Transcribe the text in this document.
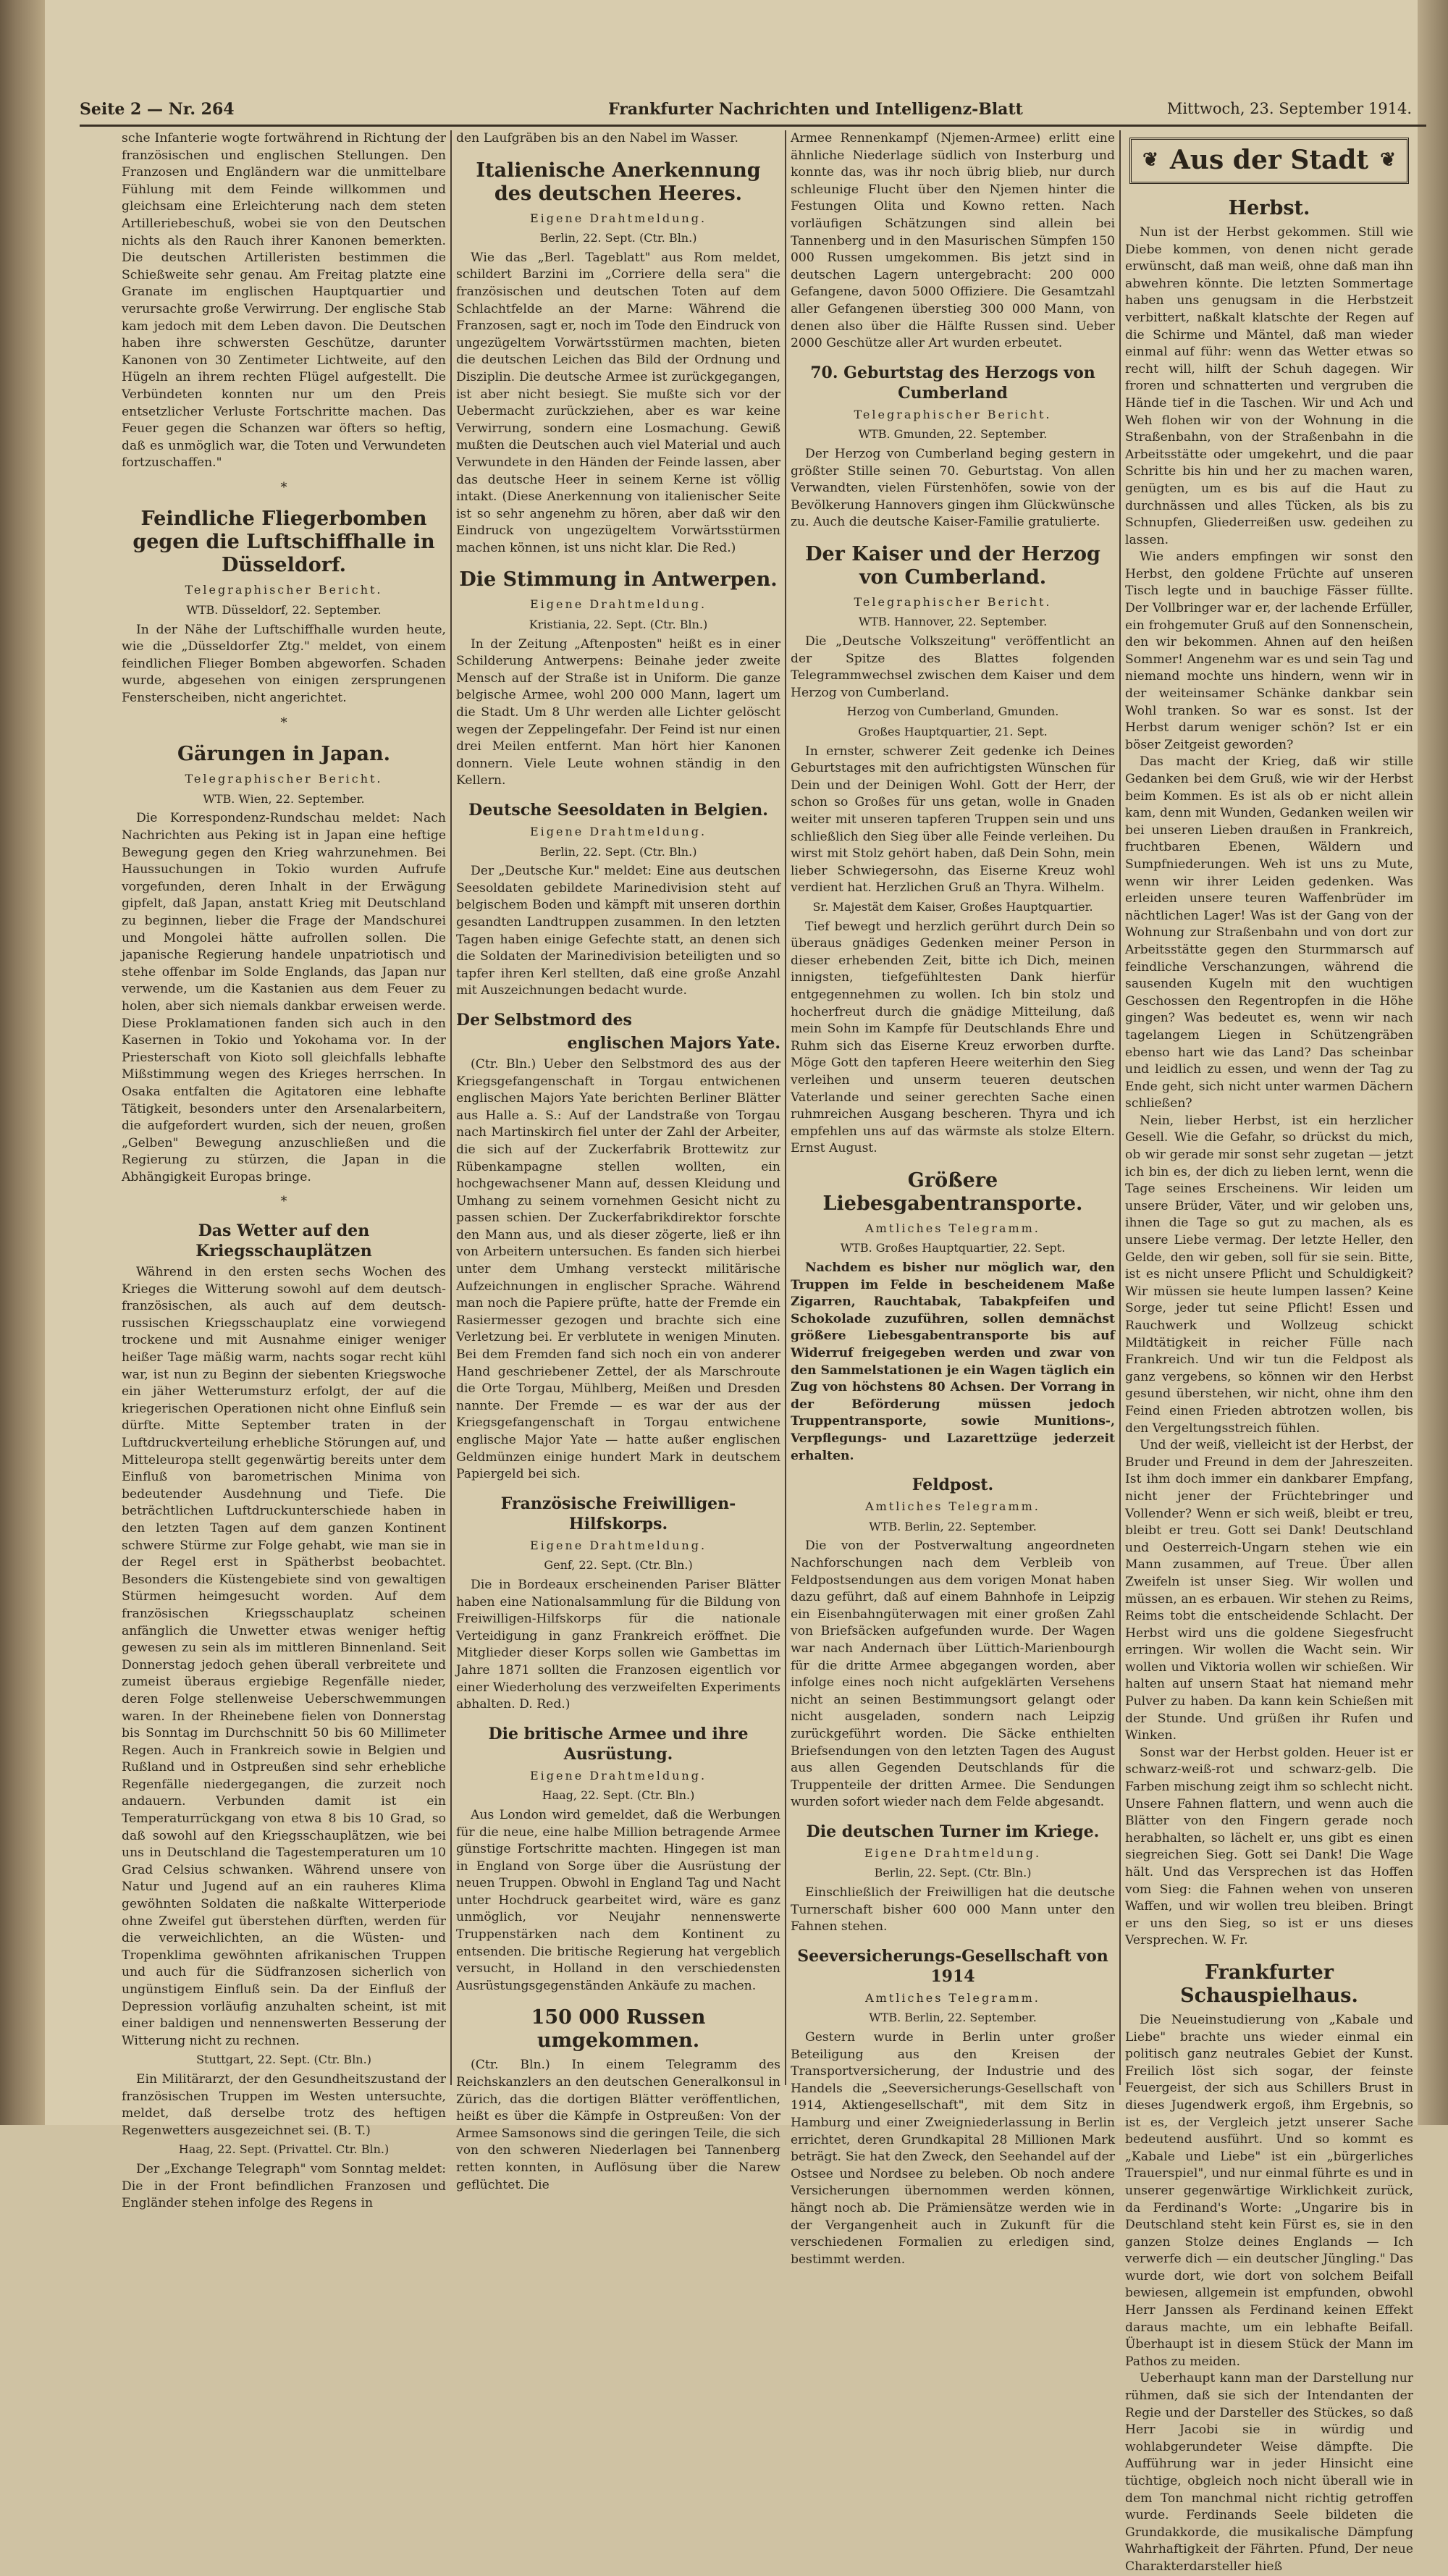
Seite 2 — Nr. 264	Frankfurter Nachrichten und Intelligenz-Blatt	Mittwoch, 23. September 1914.

sche Infanterie wogte fortwährend in Richtung der französischen und englischen Stellungen. Den Franzosen und Engländern war die unmittelbare Fühlung mit dem Feinde willkommen und gleichsam eine Erleichterung nach dem steten Artilleriebeschuß, wobei sie von den Deutschen nichts als den Rauch ihrer Kanonen bemerkten. Die deutschen Artilleristen bestimmen die Schießweite sehr genau. Am Freitag platzte eine Granate im englischen Hauptquartier und verursachte große Verwirrung. Der englische Stab kam jedoch mit dem Leben davon. Die Deutschen haben ihre schwersten Geschütze, darunter Kanonen von 30 Zentimeter Lichtweite, auf den Hügeln an ihrem rechten Flügel aufgestellt. Die Verbündeten konnten nur um den Preis entsetzlicher Verluste Fortschritte machen. Das Feuer gegen die Schanzen war öfters so heftig, daß es unmöglich war, die Toten und Verwundeten fortzuschaffen."

*
Feindliche Fliegerbomben gegen die Luftschiffhalle in Düsseldorf.
Telegraphischer Bericht.
WTB. Düsseldorf, 22. September.

In der Nähe der Luftschiffhalle wurden heute, wie die „Düsseldorfer Ztg." meldet, von einem feindlichen Flieger Bomben abgeworfen. Schaden wurde, abgesehen von einigen zersprungenen Fensterscheiben, nicht angerichtet.

*
Gärungen in Japan.
Telegraphischer Bericht.
WTB. Wien, 22. September.

Die Korrespondenz-Rundschau meldet: Nach Nachrichten aus Peking ist in Japan eine heftige Bewegung gegen den Krieg wahrzunehmen. Bei Haussuchungen in Tokio wurden Aufrufe vorgefunden, deren Inhalt in der Erwägung gipfelt, daß Japan, anstatt Krieg mit Deutschland zu beginnen, lieber die Frage der Mandschurei und Mongolei hätte aufrollen sollen. Die japanische Regierung handele unpatriotisch und stehe offenbar im Solde Englands, das Japan nur verwende, um die Kastanien aus dem Feuer zu holen, aber sich niemals dankbar erweisen werde. Diese Proklamationen fanden sich auch in den Kasernen in Tokio und Yokohama vor. In der Priesterschaft von Kioto soll gleichfalls lebhafte Mißstimmung wegen des Krieges herrschen. In Osaka entfalten die Agitatoren eine lebhafte Tätigkeit, besonders unter den Arsenalarbeitern, die aufgefordert wurden, sich der neuen, großen „Gelben" Bewegung anzuschließen und die Regierung zu stürzen, die Japan in die Abhängigkeit Europas bringe.

*
Das Wetter auf den Kriegsschauplätzen

Während in den ersten sechs Wochen des Krieges die Witterung sowohl auf dem deutsch-französischen, als auch auf dem deutsch-russischen Kriegsschauplatz eine vorwiegend trockene und mit Ausnahme einiger weniger heißer Tage mäßig warm, nachts sogar recht kühl war, ist nun zu Beginn der siebenten Kriegswoche ein jäher Wetterumsturz erfolgt, der auf die kriegerischen Operationen nicht ohne Einfluß sein dürfte. Mitte September traten in der Luftdruckverteilung erhebliche Störungen auf, und Mitteleuropa stellt gegenwärtig bereits unter dem Einfluß von barometrischen Minima von bedeutender Ausdehnung und Tiefe. Die beträchtlichen Luftdruckunterschiede haben in den letzten Tagen auf dem ganzen Kontinent schwere Stürme zur Folge gehabt, wie man sie in der Regel erst in Spätherbst beobachtet. Besonders die Küstengebiete sind von gewaltigen Stürmen heimgesucht worden. Auf dem französischen Kriegsschauplatz scheinen anfänglich die Unwetter etwas weniger heftig gewesen zu sein als im mittleren Binnenland. Seit Donnerstag jedoch gehen überall verbreitete und zumeist überaus ergiebige Regenfälle nieder, deren Folge stellenweise Ueberschwemmungen waren. In der Rheinebene fielen von Donnerstag bis Sonntag im Durchschnitt 50 bis 60 Millimeter Regen. Auch in Frankreich sowie in Belgien und Rußland und in Ostpreußen sind sehr erhebliche Regenfälle niedergegangen, die zurzeit noch andauern. Verbunden damit ist ein Temperaturrückgang von etwa 8 bis 10 Grad, so daß sowohl auf den Kriegsschauplätzen, wie bei uns in Deutschland die Tagestemperaturen um 10 Grad Celsius schwanken. Während unsere von Natur und Jugend auf an ein rauheres Klima gewöhnten Soldaten die naßkalte Witterperiode ohne Zweifel gut überstehen dürften, werden für die verweichlichten, an die Wüsten- und Tropenklima gewöhnten afrikanischen Truppen und auch für die Südfranzosen sicherlich von ungünstigem Einfluß sein. Da der Einfluß der Depression vorläufig anzuhalten scheint, ist mit einer baldigen und nennenswerten Besserung der Witterung nicht zu rechnen.

Stuttgart, 22. Sept. (Ctr. Bln.)

Ein Militärarzt, der den Gesundheitszustand der französischen Truppen im Westen untersuchte, meldet, daß derselbe trotz des heftigen Regenwetters ausgezeichnet sei. (B. T.)

Haag, 22. Sept. (Privattel. Ctr. Bln.)

Der „Exchange Telegraph" vom Sonntag meldet: Die in der Front befindlichen Franzosen und Engländer stehen infolge des Regens in

den Laufgräben bis an den Nabel im Wasser.

Italienische Anerkennung des deutschen Heeres.
Eigene Drahtmeldung.
Berlin, 22. Sept. (Ctr. Bln.)

Wie das „Berl. Tageblatt" aus Rom meldet, schildert Barzini im „Corriere della sera" die französischen und deutschen Toten auf dem Schlachtfelde an der Marne: Während die Franzosen, sagt er, noch im Tode den Eindruck von ungezügeltem Vorwärtsstürmen machten, bieten die deutschen Leichen das Bild der Ordnung und Disziplin. Die deutsche Armee ist zurückgegangen, ist aber nicht besiegt. Sie mußte sich vor der Uebermacht zurückziehen, aber es war keine Verwirrung, sondern eine Losmachung. Gewiß mußten die Deutschen auch viel Material und auch Verwundete in den Händen der Feinde lassen, aber das deutsche Heer in seinem Kerne ist völlig intakt. (Diese Anerkennung von italienischer Seite ist so sehr angenehm zu hören, aber daß wir den Eindruck von ungezügeltem Vorwärtsstürmen machen können, ist uns nicht klar. Die Red.)

Die Stimmung in Antwerpen.
Eigene Drahtmeldung.
Kristiania, 22. Sept. (Ctr. Bln.)

In der Zeitung „Aftenposten" heißt es in einer Schilderung Antwerpens: Beinahe jeder zweite Mensch auf der Straße ist in Uniform. Die ganze belgische Armee, wohl 200 000 Mann, lagert um die Stadt. Um 8 Uhr werden alle Lichter gelöscht wegen der Zeppelingefahr. Der Feind ist nur einen drei Meilen entfernt. Man hört hier Kanonen donnern. Viele Leute wohnen ständig in den Kellern.

Deutsche Seesoldaten in Belgien.
Eigene Drahtmeldung.
Berlin, 22. Sept. (Ctr. Bln.)

Der „Deutsche Kur." meldet: Eine aus deutschen Seesoldaten gebildete Marinedivision steht auf belgischem Boden und kämpft mit unseren dorthin gesandten Landtruppen zusammen. In den letzten Tagen haben einige Gefechte statt, an denen sich die Soldaten der Marinedivision beteiligten und so tapfer ihren Kerl stellten, daß eine große Anzahl mit Auszeichnungen bedacht wurde.

Der Selbstmord des
englischen Majors Yate.

(Ctr. Bln.) Ueber den Selbstmord des aus der Kriegsgefangenschaft in Torgau entwichenen englischen Majors Yate berichten Berliner Blätter aus Halle a. S.: Auf der Landstraße von Torgau nach Martinskirch fiel unter der Zahl der Arbeiter, die sich auf der Zuckerfabrik Brottewitz zur Rübenkampagne stellen wollten, ein hochgewachsener Mann auf, dessen Kleidung und Umhang zu seinem vornehmen Gesicht nicht zu passen schien. Der Zuckerfabrikdirektor forschte den Mann aus, und als dieser zögerte, ließ er ihn von Arbeitern untersuchen. Es fanden sich hierbei unter dem Umhang versteckt militärische Aufzeichnungen in englischer Sprache. Während man noch die Papiere prüfte, hatte der Fremde ein Rasiermesser gezogen und brachte sich eine Verletzung bei. Er verblutete in wenigen Minuten. Bei dem Fremden fand sich noch ein von anderer Hand geschriebener Zettel, der als Marschroute die Orte Torgau, Mühlberg, Meißen und Dresden nannte. Der Fremde — es war der aus der Kriegsgefangenschaft in Torgau entwichene englische Major Yate — hatte außer englischen Geldmünzen einige hundert Mark in deutschem Papiergeld bei sich.

Französische Freiwilligen-Hilfskorps.
Eigene Drahtmeldung.
Genf, 22. Sept. (Ctr. Bln.)

Die in Bordeaux erscheinenden Pariser Blätter haben eine Nationalsammlung für die Bildung von Freiwilligen-Hilfskorps für die nationale Verteidigung in ganz Frankreich eröffnet. Die Mitglieder dieser Korps sollen wie Gambettas im Jahre 1871 sollten die Franzosen eigentlich vor einer Wiederholung des verzweifelten Experiments abhalten. D. Red.)

Die britische Armee und ihre Ausrüstung.
Eigene Drahtmeldung.
Haag, 22. Sept. (Ctr. Bln.)

Aus London wird gemeldet, daß die Werbungen für die neue, eine halbe Million betragende Armee günstige Fortschritte machten. Hingegen ist man in England von Sorge über die Ausrüstung der neuen Truppen. Obwohl in England Tag und Nacht unter Hochdruck gearbeitet wird, wäre es ganz unmöglich, vor Neujahr nennenswerte Truppenstärken nach dem Kontinent zu entsenden. Die britische Regierung hat vergeblich versucht, in Holland in den verschiedensten Ausrüstungsgegenständen Ankäufe zu machen.

150 000 Russen umgekommen.

(Ctr. Bln.) In einem Telegramm des Reichskanzlers an den deutschen Generalkonsul in Zürich, das die dortigen Blätter veröffentlichen, heißt es über die Kämpfe in Ostpreußen: Von der Armee Samsonows sind die geringen Teile, die sich von den schweren Niederlagen bei Tannenberg retten konnten, in Auflösung über die Narew geflüchtet. Die

Armee Rennenkampf (Njemen-Armee) erlitt eine ähnliche Niederlage südlich von Insterburg und konnte das, was ihr noch übrig blieb, nur durch schleunige Flucht über den Njemen hinter die Festungen Olita und Kowno retten. Nach vorläufigen Schätzungen sind allein bei Tannenberg und in den Masurischen Sümpfen 150 000 Russen umgekommen. Bis jetzt sind in deutschen Lagern untergebracht: 200 000 Gefangene, davon 5000 Offiziere. Die Gesamtzahl aller Gefangenen überstieg 300 000 Mann, von denen also über die Hälfte Russen sind. Ueber 2000 Geschütze aller Art wurden erbeutet.

70. Geburtstag des Herzogs von Cumberland
Telegraphischer Bericht.
WTB. Gmunden, 22. September.

Der Herzog von Cumberland beging gestern in größter Stille seinen 70. Geburtstag. Von allen Verwandten, vielen Fürstenhöfen, sowie von der Bevölkerung Hannovers gingen ihm Glückwünsche zu. Auch die deutsche Kaiser-Familie gratulierte.

Der Kaiser und der Herzog von Cumberland.
Telegraphischer Bericht.
WTB. Hannover, 22. September.

Die „Deutsche Volkszeitung" veröffentlicht an der Spitze des Blattes folgenden Telegrammwechsel zwischen dem Kaiser und dem Herzog von Cumberland.

Herzog von Cumberland, Gmunden.
Großes Hauptquartier, 21. Sept.

In ernster, schwerer Zeit gedenke ich Deines Geburtstages mit den aufrichtigsten Wünschen für Dein und der Deinigen Wohl. Gott der Herr, der schon so Großes für uns getan, wolle in Gnaden weiter mit unseren tapferen Truppen sein und uns schließlich den Sieg über alle Feinde verleihen. Du wirst mit Stolz gehört haben, daß Dein Sohn, mein lieber Schwiegersohn, das Eiserne Kreuz wohl verdient hat. Herzlichen Gruß an Thyra. Wilhelm.

Sr. Majestät dem Kaiser, Großes Hauptquartier.

Tief bewegt und herzlich gerührt durch Dein so überaus gnädiges Gedenken meiner Person in dieser erhebenden Zeit, bitte ich Dich, meinen innigsten, tiefgefühltesten Dank hierfür entgegennehmen zu wollen. Ich bin stolz und hocherfreut durch die gnädige Mitteilung, daß mein Sohn im Kampfe für Deutschlands Ehre und Ruhm sich das Eiserne Kreuz erworben durfte. Möge Gott den tapferen Heere weiterhin den Sieg verleihen und unserm teueren deutschen Vaterlande und seiner gerechten Sache einen ruhmreichen Ausgang bescheren. Thyra und ich empfehlen uns auf das wärmste als stolze Eltern. Ernst August.

Größere Liebesgabentransporte.
Amtliches Telegramm.
WTB. Großes Hauptquartier, 22. Sept.

Nachdem es bisher nur möglich war, den Truppen im Felde in bescheidenem Maße Zigarren, Rauchtabak, Tabakpfeifen und Schokolade zuzuführen, sollen demnächst größere Liebesgabentransporte bis auf Widerruf freigegeben werden und zwar von den Sammelstationen je ein Wagen täglich ein Zug von höchstens 80 Achsen. Der Vorrang in der Beförderung müssen jedoch Truppentransporte, sowie Munitions-, Verpflegungs- und Lazarettzüge jederzeit erhalten.

Feldpost.
Amtliches Telegramm.
WTB. Berlin, 22. September.

Die von der Postverwaltung angeordneten Nachforschungen nach dem Verbleib von Feldpostsendungen aus dem vorigen Monat haben dazu geführt, daß auf einem Bahnhofe in Leipzig ein Eisenbahngüterwagen mit einer großen Zahl von Briefsäcken aufgefunden wurde. Der Wagen war nach Andernach über Lüttich-Marienbourgh für die dritte Armee abgegangen worden, aber infolge eines noch nicht aufgeklärten Versehens nicht an seinen Bestimmungsort gelangt oder nicht ausgeladen, sondern nach Leipzig zurückgeführt worden. Die Säcke enthielten Briefsendungen von den letzten Tagen des August aus allen Gegenden Deutschlands für die Truppenteile der dritten Armee. Die Sendungen wurden sofort wieder nach dem Felde abgesandt.

Die deutschen Turner im Kriege.
Eigene Drahtmeldung.
Berlin, 22. Sept. (Ctr. Bln.)

Einschließlich der Freiwilligen hat die deutsche Turnerschaft bisher 600 000 Mann unter den Fahnen stehen.

Seeversicherungs-Gesellschaft von 1914
Amtliches Telegramm.
WTB. Berlin, 22. September.

Gestern wurde in Berlin unter großer Beteiligung aus den Kreisen der Transportversicherung, der Industrie und des Handels die „Seeversicherungs-Gesellschaft von 1914, Aktiengesellschaft", mit dem Sitz in Hamburg und einer Zweigniederlassung in Berlin errichtet, deren Grundkapital 28 Millionen Mark beträgt. Sie hat den Zweck, den Seehandel auf der Ostsee und Nordsee zu beleben. Ob noch andere Versicherungen übernommen werden können, hängt noch ab. Die Prämiensätze werden wie in der Vergangenheit auch in Zukunft für die verschiedenen Formalien zu erledigen sind, bestimmt werden.

❦ Aus der Stadt ❦
Herbst.

Nun ist der Herbst gekommen. Still wie Diebe kommen, von denen nicht gerade erwünscht, daß man weiß, ohne daß man ihn abwehren könnte. Die letzten Sommertage haben uns genugsam in die Herbstzeit verbittert, naßkalt klatschte der Regen auf die Schirme und Mäntel, daß man wieder einmal auf führ: wenn das Wetter etwas so recht will, hilft der Schuh dagegen. Wir froren und schnatterten und vergruben die Hände tief in die Taschen. Wir und Ach und Weh flohen wir von der Wohnung in die Straßenbahn, von der Straßenbahn in die Arbeitsstätte oder umgekehrt, und die paar Schritte bis hin und her zu machen waren, genügten, um es bis auf die Haut zu durchnässen und alles Tücken, als bis zu Schnupfen, Gliederreißen usw. gedeihen zu lassen.

Wie anders empfingen wir sonst den Herbst, den goldene Früchte auf unseren Tisch legte und in bauchige Fässer füllte. Der Vollbringer war er, der lachende Erfüller, ein frohgemuter Gruß auf den Sonnenschein, den wir bekommen. Ahnen auf den heißen Sommer! Angenehm war es und sein Tag und niemand mochte uns hindern, wenn wir in der weiteinsamer Schänke dankbar sein Wohl tranken. So war es sonst. Ist der Herbst darum weniger schön? Ist er ein böser Zeitgeist geworden?

Das macht der Krieg, daß wir stille Gedanken bei dem Gruß, wie wir der Herbst beim Kommen. Es ist als ob er nicht allein kam, denn mit Wunden, Gedanken weilen wir bei unseren Lieben draußen in Frankreich, fruchtbaren Ebenen, Wäldern und Sumpfniederungen. Weh ist uns zu Mute, wenn wir ihrer Leiden gedenken. Was erleiden unsere teuren Waffenbrüder im nächtlichen Lager! Was ist der Gang von der Wohnung zur Straßenbahn und von dort zur Arbeitsstätte gegen den Sturmmarsch auf feindliche Verschanzungen, während die sausenden Kugeln mit den wuchtigen Geschossen den Regentropfen in die Höhe gingen? Was bedeutet es, wenn wir nach tagelangem Liegen in Schützengräben ebenso hart wie das Land? Das scheinbar und leidlich zu essen, und wenn der Tag zu Ende geht, sich nicht unter warmen Dächern schließen?

Nein, lieber Herbst, ist ein herzlicher Gesell. Wie die Gefahr, so drückst du mich, ob wir gerade mir sonst sehr zugetan — jetzt ich bin es, der dich zu lieben lernt, wenn die Tage seines Erscheinens. Wir leiden um unsere Brüder, Väter, und wir geloben uns, ihnen die Tage so gut zu machen, als es unsere Liebe vermag. Der letzte Heller, den Gelde, den wir geben, soll für sie sein. Bitte, ist es nicht unsere Pflicht und Schuldigkeit? Wir müssen sie heute lumpen lassen? Keine Sorge, jeder tut seine Pflicht! Essen und Rauchwerk und Wollzeug schickt Mildtätigkeit in reicher Fülle nach Frankreich. Und wir tun die Feldpost als ganz vergebens, so können wir den Herbst gesund überstehen, wir nicht, ohne ihm den Feind einen Frieden abtrotzen wollen, bis den Vergeltungsstreich fühlen.

Und der weiß, vielleicht ist der Herbst, der Bruder und Freund in dem der Jahreszeiten. Ist ihm doch immer ein dankbarer Empfang, nicht jener der Früchtebringer und Vollender? Wenn er sich weiß, bleibt er treu, bleibt er treu. Gott sei Dank! Deutschland und Oesterreich-Ungarn stehen wie ein Mann zusammen, auf Treue. Über allen Zweifeln ist unser Sieg. Wir wollen und müssen, an es erbauen. Wir stehen zu Reims, Reims tobt die entscheidende Schlacht. Der Herbst wird uns die goldene Siegesfrucht erringen. Wir wollen die Wacht sein. Wir wollen und Viktoria wollen wir schießen. Wir halten auf unsern Staat hat niemand mehr Pulver zu haben. Da kann kein Schießen mit der Stunde. Und grüßen ihr Rufen und Winken.

Sonst war der Herbst golden. Heuer ist er schwarz-weiß-rot und schwarz-gelb. Die Farben mischung zeigt ihm so schlecht nicht. Unsere Fahnen flattern, und wenn auch die Blätter von den Fingern gerade noch herabhalten, so lächelt er, uns gibt es einen siegreichen Sieg. Gott sei Dank! Die Wage hält. Und das Versprechen ist das Hoffen vom Sieg: die Fahnen wehen von unseren Waffen, und wir wollen treu bleiben. Bringt er uns den Sieg, so ist er uns dieses Versprechen. W. Fr.

Frankfurter Schauspielhaus.

Die Neueinstudierung von „Kabale und Liebe" brachte uns wieder einmal ein politisch ganz neutrales Gebiet der Kunst. Freilich löst sich sogar, der feinste Feuergeist, der sich aus Schillers Brust in dieses Jugendwerk ergoß, ihm Ergebnis, so ist es, der Vergleich jetzt unserer Sache bedeutend ausführt. Und so kommt es „Kabale und Liebe" ist ein „bürgerliches Trauerspiel", und nur einmal führte es und in unserer gegenwärtige Wirklichkeit zurück, da Ferdinand's Worte: „Ungarire bis in Deutschland steht kein Fürst es, sie in den ganzen Stolze deines Englands — Ich verwerfe dich — ein deutscher Jüngling." Das wurde dort, wie dort von solchem Beifall bewiesen, allgemein ist empfunden, obwohl Herr Janssen als Ferdinand keinen Effekt daraus machte, um ein lebhafte Beifall. Überhaupt ist in diesem Stück der Mann im Pathos zu meiden.

Ueberhaupt kann man der Darstellung nur rühmen, daß sie sich der Intendanten der Regie und der Darsteller des Stückes, so daß Herr Jacobi sie in würdig und wohlabgerundeter Weise dämpfte. Die Aufführung war in jeder Hinsicht eine tüchtige, obgleich noch nicht überall wie in dem Ton manchmal nicht richtig getroffen wurde. Ferdinands Seele bildeten die Grundakkorde, die musikalische Dämpfung Wahrhaftigkeit der Fährten. Pfund, Der neue Charakterdarsteller hieß
